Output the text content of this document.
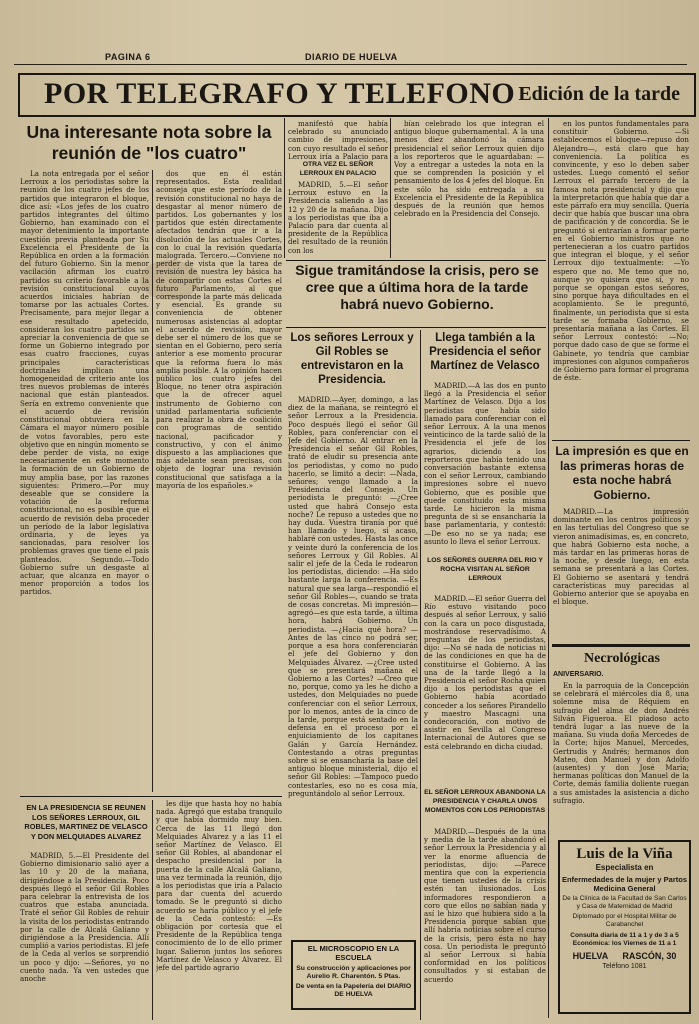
PAGINA 6	DIARIO DE HUELVA
POR TELEGRAFO Y TELEFONO Edición de la tarde
Una interesante nota sobre la reunión de "los cuatro"

La nota entregada por el señor Lerroux a los periodistas sobre la reunión de los cuatro jefes de los partidos que integraron el bloque, dice así: «Los jefes de los cuatro partidos integrantes del último Gobierno, han examinado con el mayor detenimiento la importante cuestión previa planteada por Su Excelencia el Presidente de la República en orden a la formación del futuro Gobierno. Sin la menor vacilación afirman los cuatro partidos su criterio favorable a la revisión constitucional cuyos acuerdos iniciales habrían de tomarse por las actuales Cortes. Precisamente, para mejor llegar a ese resultado apetecido, consideran los cuatro partidos un apreciar la conveniencia de que se forme un Gobierno integrado por esas cuatro fracciones, cuyas principales características doctrinales implican una homogeneidad de criterio ante los tres nuevos problemas de interés nacional que están planteados. Sería en extremo conveniente que el acuerdo de revisión constitucional obtuviera en la Cámara el mayor número posible de votos favorables, pero este objetivo que en ningún momento se debe perder de vista, no exige necesariamente en este momento la formación de un Gobierno de muy amplia base, por las razones siguientes: Primero.—Por muy deseable que se considere la votación de la reforma constitucional, no es posible que el acuerdo de revisión deba proceder un período de la labor legislativa ordinaria, y de leyes ya sancionadas, para resolver los problemas graves que tiene el país planteados. Segundo.—Todo Gobierno sufre un desgaste al actuar, que alcanza en mayor o menor proporción a todos los partidos.

dos que en él están representados. Esta realidad aconseja que este período de la revisión constitucional no haya de desgastar al menor número de partidos. Los gobernantes y los partidos que estén directamente afectados tendrán que ir a la disolución de las actuales Cortes, con lo cual la revisión quedaría malograda. Tercero.—Conviene no perder de vista que la tarea de revisión de nuestra ley básica ha de compartir con estas Cortes el futuro Parlamento, al que corresponde la parte más delicada y esencial. Es grande su conveniencia de obtener numerosas asistencias al adoptar el acuerdo de revisión, mayor debe ser el número de los que se sientan en el Gobierno, pero sería anterior a ese momento procurar que la reforma fuera lo más amplia posible. A la opinión hacen público los cuatro jefes del Bloque, no tener otra aspiración que la de ofrecer aquel instrumento de Gobierno con unidad parlamentaria suficiente para realizar la obra de coalición con programas de sentido nacional, pacificador y constructivo, y con el ánimo dispuesto a las ampliaciones que más adelante sean precisas, con objeto de lograr una revisión constitucional que satisfaga a la mayoría de los españoles.»

EN LA PRESIDENCIA SE REUNEN LOS SEÑORES LERROUX, GIL ROBLES, MARTINEZ DE VELASCO Y DON MELQUIADES ALVAREZ

MADRID, 5.—El Presidente del Gobierno dimisionario salió ayer a las 10 y 20 de la mañana, dirigiéndose a la Presidencia. Poco después llegó el señor Gil Robles para celebrar la entrevista de los cuatros que estaba anunciada. Traté el señor Gil Robles de rehuir la visita de los periodistas entrando por la calle de Alcalá Galiano y dirigiéndose a la Presidencia. Allí cumplió a varios periodistas. El jefe de la Ceda al verlos se sorprendió un poco y dijo: —Señores, yo no cuento nada. Ya ven ustedes que anoche

les dije que hasta hoy no había nada. Agregó que estaba tranquilo y que había dormido muy bien. Cerca de las 11 llegó don Melquiades Alvarez y a las 11 el señor Martínez de Velasco. El señor Gil Robles, al abandonar el despacho presidencial por la puerta de la calle Alcalá Galiano, una vez terminada la reunión, dijo a los periodistas que iría a Palacio para dar cuenta del acuerdo tomado. Se le preguntó si dicho acuerdo se haría público y el jefe de la Ceda contestó: —Es obligación por cortesía que el Presidente de la República tenga conocimiento de lo de ello primer lugar. Salieron juntos los señores Martínez de Velasco y Alvarez. El jefe del partido agrario

manifestó que había celebrado su anunciado cambio de impresiones, con cuyo resultado el señor Lerroux iría a Palacio para

OTRA VEZ EL SEÑOR LERROUX EN PALACIO

MADRID, 5.—El señor Lerroux estuvo en la Presidencia saliendo a las 12 y 20 de la mañana. Dijo a los periodistas que iba a Palacio para dar cuenta al presidente de la República del resultado de la reunión con los

bían celebrado los que integran el antiguo bloque gubernamental. A la una menos diez abandonó la cámara presidencial el señor Lerroux quien dijo a los reporteros que le aguardaban: —Voy a entregar a ustedes la nota en la que se comprenden la posición y el pensamiento de los 4 jefes del bloque. En este sólo ha sido entregada a su Excelencia el Presidente de la República después de la reunión que hemos celebrado en la Presidencia del Consejo.

en los puntos fundamentales para constituir Gobierno. —Si establecemos el bloque—repuso don Alejandro—, está claro que hay conveniencia. La política es convincente, y eso lo deben saber ustedes. Luego comentó el señor Lerroux el párrafo tercero de la famosa nota presidencial y dijo que la interpretación que había que dar a este párrafo era muy sencilla. Quería decir que había que buscar una obra de pacificación y de concordia. Se le preguntó si entrarían a formar parte en el Gobierno ministros que no pertenecieran a los cuatro partidos que integran el bloque, y el señor Lerroux dijo textualmente: —Yo espero que no. Me temo que no, aunque yo quisiera que sí, y no porque se opongan estos señores, sino porque haya dificultades en el acoplamiento. Se le preguntó, finalmente, un periodista que si esta tarde se formaba Gobierno, se presentaría mañana a las Cortes. El señor Lerroux contestó: —No; porque dado caso de que se forme el Gabinete, yo tendría que cambiar impresiones con algunos compañeros de Gobierno para formar el programa de éste.

Sigue tramitándose la crisis, pero se cree que a última hora de la tarde habrá nuevo Gobierno.
Los señores Lerroux y Gil Robles se entrevistaron en la Presidencia.

MADRID.—Ayer, domingo, a las diez de la mañana, se reintegró el señor Lerroux a la Presidencia. Poco después llegó el señor Gil Robles, para conferenciar con el Jefe del Gobierno. Al entrar en la Presidencia el señor Gil Robles, trató de eludir su presencia ante los periodistas, y como no pudo hacerlo, se limitó a decir: —Nada, señores; vengo llamado a la Presidencia del Consejo. Un periodista le preguntó: —¿Cree usted que habrá Consejo esta noche? Le repuso a ustedes que no hay duda. Vuestra tiranía por qué han llamado y luego, si acaso, hablaré con ustedes. Hasta las once y veinte duró la conferencia de los señores Lerroux y Gil Robles. Al salir el jefe de la Ceda le rodearon los periodistas, diciendo: —Ha sido bastante larga la conferencia. —Es natural que sea larga—respondió el señor Gil Robles—, cuando se trata de cosas concretas. Mi impresión—agregó—es que esta tarde, a última hora, habrá Gobierno. Un periodista. —¿Hacia qué hora? —Antes de las cinco no podrá ser, porque a esa hora conferenciarán el jefe del Gobierno y don Melquiades Álvarez. —¿Cree usted que se presentará mañana el Gobierno a las Cortes? —Creo que no, porque, como ya les he dicho a ustedes, don Melquiades no puede conferenciar con el señor Lerroux, por lo menos, antes de la cinco de la tarde, porque está sentado en la defensa en el proceso por el enjuiciamiento de los capitanes Galán y García Hernández. Contestando a otras preguntas sobre si se ensancharía la base del antiguo bloque ministerial, dijo el señor Gil Robles: —Tampoco puedo contestarles, eso no es cosa mía, preguntándolo al señor Lerroux.

Llega también a la Presidencia el señor Martínez de Velasco

MADRID.—A las dos en punto llegó a la Presidencia el señor Martínez de Velasco. Dijo a los periodistas que había sido llamado para conferenciar con el señor Lerroux. A la una menos veinticinco de la tarde salió de la Presidencia el jefe de los agrarios, diciendo a los reporteros que había tenido una conversación bastante extensa con el señor Lerroux, cambiando impresiones sobre el nuevo Gobierno, que es posible que quede constituido esta misma tarde. Le hicieron la misma pregunta de si se ensancharía la base parlamentaria, y contestó: —De eso no se ya nada; ese asunto lo lleva el señor Lerroux.

LOS SEÑORES GUERRA DEL RIO Y ROCHA VISITAN AL SEÑOR LERROUX

MADRID.—El señor Guerra del Río estuvo visitando poco después al señor Lerroux, y salió con la cara un poco disgustada, mostrándose reservadísimo. A preguntas de los periodistas, dijo: —No sé nada de noticias ni de las condiciones en que ha de constituirse el Gobierno. A las una de la tarde llegó a la Presidencia el señor Rocha quien dijo a los periodistas que el Gobierno había acordado conceder a los señores Pirandello y maestro Mascagni una condecoración, con motivo de asistir en Sevilla al Congreso Internacional de Autores que se está celebrando en dicha ciudad.

EL SEÑOR LERROUX ABANDONA LA PRESIDENCIA Y CHARLA UNOS MOMENTOS CON LOS PERIODISTAS

MADRID.—Después de la una y media de la tarde abandonó el señor Lerroux la Presidencia y al ver la enorme afluencia de periodistas, dijo: —Parece mentira que con la experiencia que tienen ustedes de la crisis estén tan ilusionados. Los informadores respondieron a coro que ellos no sabían nada y así le hizo que hubiera sido a la Presidencia porque sabían que allí habría noticias sobre el curso de la crisis, pero ésta no hay cosa. Un periodista le preguntó al señor Lerroux si había conformidad en los políticos consultados y si estaban de acuerdo

La impresión es que en las primeras horas de esta noche habrá Gobierno.

MADRID.—La impresión dominante en los centros políticos y en las tertulias del Congreso que se vieron animadísimas, es, en concreto, que habrá Gobierno esta noche, a más tardar en las primeras horas de la noche, y desde luego, en esta semana se presentará a las Cortes. El Gobierno se asentará y tendrá características muy parecidas al Gobierno anterior que se apoyaba en el bloque.

Necrológicas
ANIVERSARIO.

En la parroquia de la Concepción se celebrará el miércoles día 8, una solemne misa de Réquiem en sufragio del alma de don Andrés Silván Figueroa. El piadoso acto tendrá lugar a las nueve de la mañana. Su viuda doña Mercedes de la Corte; hijos Manuel, Mercedes, Gertrudis y Andrés; hermanos don Mateo, don Manuel y don Adolfo (ausentes) y don José María; hermanas políticas don Manuel de la Corte, demás familia doliente ruegan a sus amistades la asistencia a dicho sufragio.

EL MICROSCOPIO EN LA ESCUELA
Su construcción y aplicaciones por Aurelio R. Charentón. 5 Ptas.
De venta en la Papelería del DIARIO DE HUELVA
Luis de la Viña
Especialista en
Enfermedades de la mujer y Partos Medicina General
De la Clínica de la Facultad de San Carlos y Casa de Maternidad de Madrid
Diplomado por el Hospital Militar de Carabanchel
Consulta diaria de 11 a 1 y de 3 a 5
Económica: los Viernes de 11 a 1
HUELVA RASCÓN, 30
Teléfono 1081
